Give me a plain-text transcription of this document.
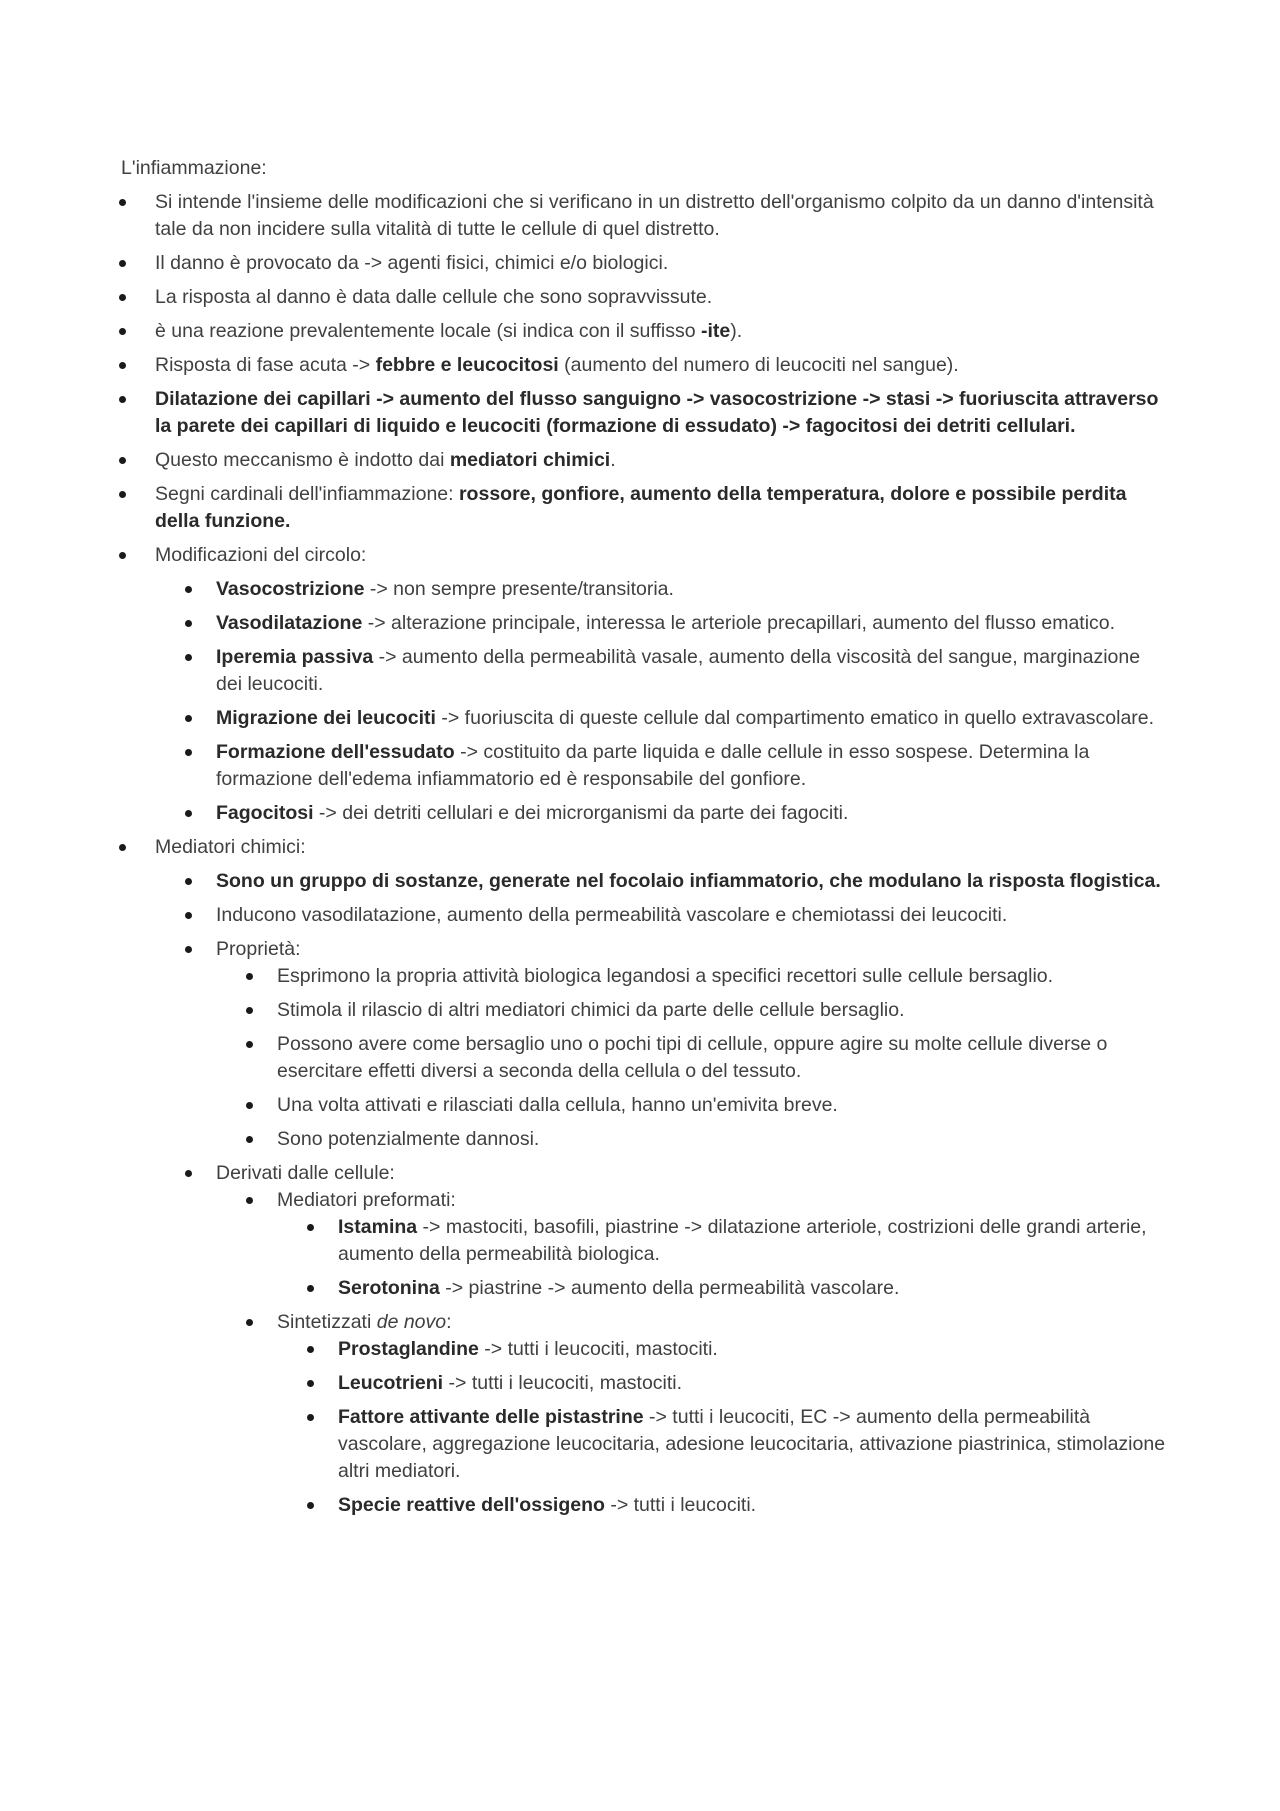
L'infiammazione:
Si intende l'insieme delle modificazioni che si verificano in un distretto dell'organismo colpito da un danno d'intensità tale da non incidere sulla vitalità di tutte le cellule di quel distretto.
Il danno è provocato da -> agenti fisici, chimici e/o biologici.
La risposta al danno è data dalle cellule che sono sopravvissute.
è una reazione prevalentemente locale (si indica con il suffisso -ite).
Risposta di fase acuta -> febbre e leucocitosi (aumento del numero di leucociti nel sangue).
Dilatazione dei capillari -> aumento del flusso sanguigno -> vasocostrizione -> stasi -> fuoriuscita attraverso la parete dei capillari di liquido e leucociti (formazione di essudato) -> fagocitosi dei detriti cellulari.
Questo meccanismo è indotto dai mediatori chimici.
Segni cardinali dell'infiammazione: rossore, gonfiore, aumento della temperatura, dolore e possibile perdita della funzione.
Modificazioni del circolo:
Vasocostrizione -> non sempre presente/transitoria.
Vasodilatazione -> alterazione principale, interessa le arteriole precapillari, aumento del flusso ematico.
Iperemia passiva -> aumento della permeabilità vasale, aumento della viscosità del sangue, marginazione dei leucociti.
Migrazione dei leucociti -> fuoriuscita di queste cellule dal compartimento ematico in quello extravascolare.
Formazione dell'essudato -> costituito da parte liquida e dalle cellule in esso sospese. Determina la formazione dell'edema infiammatorio ed è responsabile del gonfiore.
Fagocitosi -> dei detriti cellulari e dei microrganismi da parte dei fagociti.
Mediatori chimici:
Sono un gruppo di sostanze, generate nel focolaio infiammatorio, che modulano la risposta flogistica.
Inducono vasodilatazione, aumento della permeabilità vascolare e chemiotassi dei leucociti.
Proprietà:
Esprimono la propria attività biologica legandosi a specifici recettori sulle cellule bersaglio.
Stimola il rilascio di altri mediatori chimici da parte delle cellule bersaglio.
Possono avere come bersaglio uno o pochi tipi di cellule, oppure agire su molte cellule diverse o esercitare effetti diversi a seconda della cellula o del tessuto.
Una volta attivati e rilasciati dalla cellula, hanno un'emivita breve.
Sono potenzialmente dannosi.
Derivati dalle cellule:
Mediatori preformati:
Istamina -> mastociti, basofili, piastrine -> dilatazione arteriole, costrizioni delle grandi arterie, aumento della permeabilità biologica.
Serotonina -> piastrine -> aumento della permeabilità vascolare.
Sintetizzati de novo:
Prostaglandine -> tutti i leucociti, mastociti.
Leucotrieni -> tutti i leucociti, mastociti.
Fattore attivante delle pistastrine -> tutti i leucociti, EC -> aumento della permeabilità vascolare, aggregazione leucocitaria, adesione leucocitaria, attivazione piastrinica, stimolazione altri mediatori.
Specie reattive dell'ossigeno -> tutti i leucociti.
